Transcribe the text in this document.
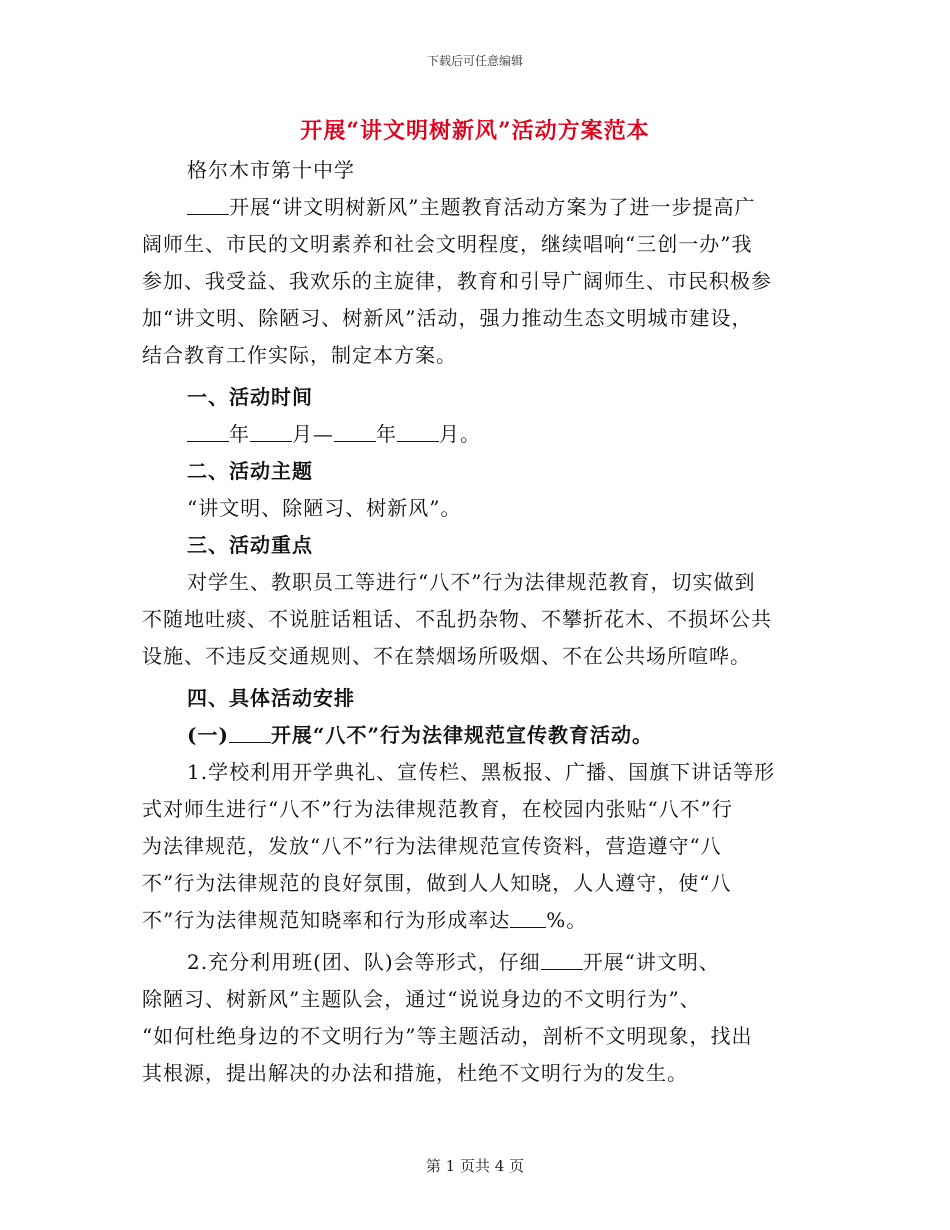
下载后可任意编辑
开展“讲文明树新风”活动方案范本
格尔木市第十中学
开展“讲文明树新风”主题教育活动方案为了进一步提高广
阔师生、市民的文明素养和社会文明程度，继续唱响“三创一办”我
参加、我受益、我欢乐的主旋律，教育和引导广阔师生、市民积极参
加“讲文明、除陋习、树新风”活动，强力推动生态文明城市建设，
结合教育工作实际，制定本方案。
一、活动时间
年 月— 年 月。
二、活动主题
“讲文明、除陋习、树新风”。
三、活动重点
对学生、教职员工等进行“八不”行为法律规范教育，切实做到
不随地吐痰、不说脏话粗话、不乱扔杂物、不攀折花木、不损坏公共
设施、不违反交通规则、不在禁烟场所吸烟、不在公共场所喧哗。
四、具体活动安排
(一) 开展“八不”行为法律规范宣传教育活动。
1.学校利用开学典礼、宣传栏、黑板报、广播、国旗下讲话等形
式对师生进行“八不”行为法律规范教育，在校园内张贴“八不”行
为法律规范，发放“八不”行为法律规范宣传资料，营造遵守“八
不”行为法律规范的良好氛围，做到人人知晓，人人遵守，使“八
不”行为法律规范知晓率和行为形成率达 %。
2.充分利用班(团、队)会等形式，仔细 开展“讲文明、
除陋习、树新风”主题队会，通过“说说身边的不文明行为”、
“如何杜绝身边的不文明行为”等主题活动，剖析不文明现象，找出
其根源，提出解决的办法和措施，杜绝不文明行为的发生。
第 1 页共 4 页
